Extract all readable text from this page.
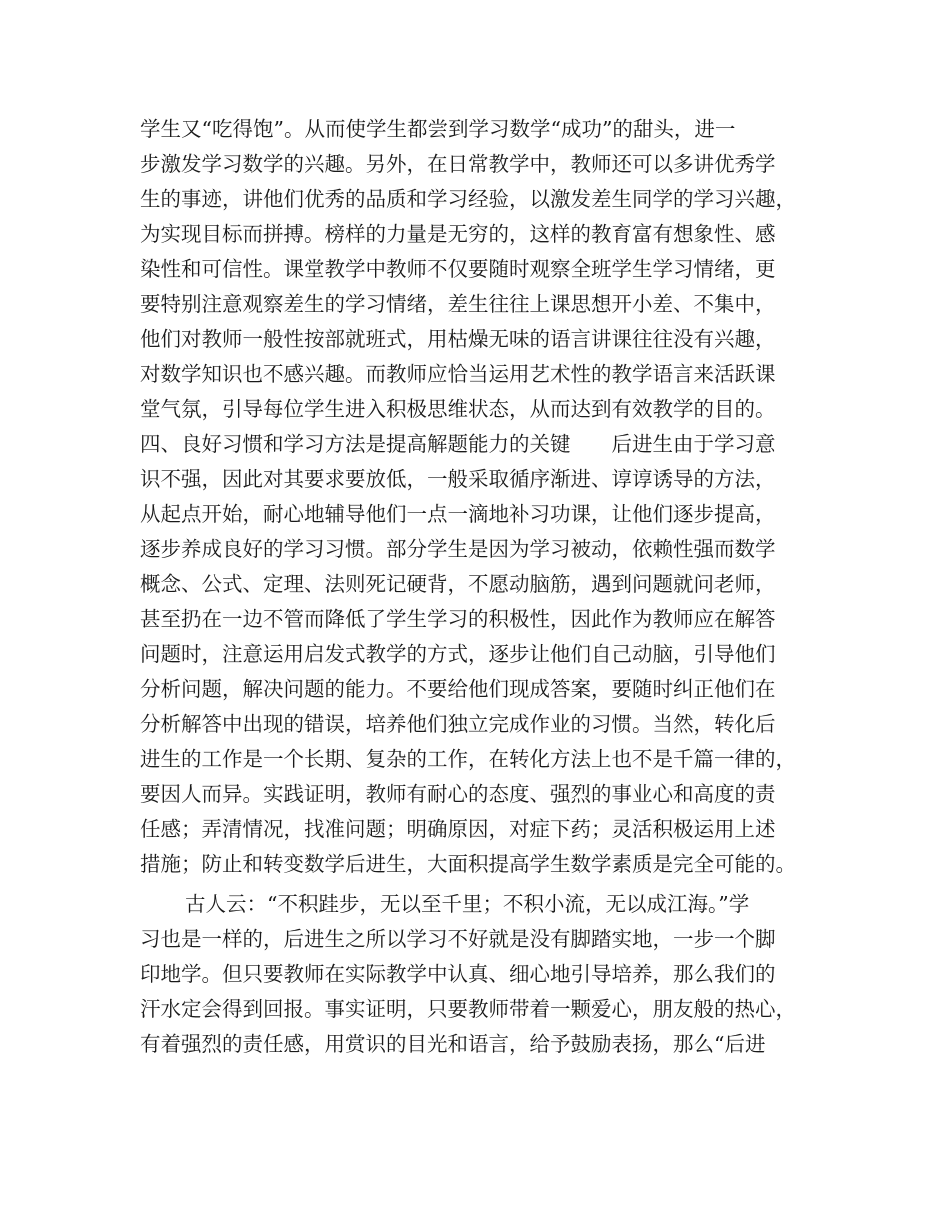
学生又“吃得饱”。从而使学生都尝到学习数学“成功”的甜头，进一
步激发学习数学的兴趣。另外，在日常教学中，教师还可以多讲优秀学
生的事迹，讲他们优秀的品质和学习经验，以激发差生同学的学习兴趣，
为实现目标而拼搏。榜样的力量是无穷的，这样的教育富有想象性、感
染性和可信性。课堂教学中教师不仅要随时观察全班学生学习情绪，更
要特别注意观察差生的学习情绪，差生往往上课思想开小差、不集中，
他们对教师一般性按部就班式，用枯燥无味的语言讲课往往没有兴趣，
对数学知识也不感兴趣。而教师应恰当运用艺术性的教学语言来活跃课
堂气氛，引导每位学生进入积极思维状态，从而达到有效教学的目的。
四、良好习惯和学习方法是提高解题能力的关键　　后进生由于学习意
识不强，因此对其要求要放低，一般采取循序渐进、谆谆诱导的方法，
从起点开始，耐心地辅导他们一点一滴地补习功课，让他们逐步提高，
逐步养成良好的学习习惯。部分学生是因为学习被动，依赖性强而数学
概念、公式、定理、法则死记硬背，不愿动脑筋，遇到问题就问老师，
甚至扔在一边不管而降低了学生学习的积极性，因此作为教师应在解答
问题时，注意运用启发式教学的方式，逐步让他们自己动脑，引导他们
分析问题，解决问题的能力。不要给他们现成答案，要随时纠正他们在
分析解答中出现的错误，培养他们独立完成作业的习惯。当然，转化后
进生的工作是一个长期、复杂的工作，在转化方法上也不是千篇一律的，
要因人而异。实践证明，教师有耐心的态度、强烈的事业心和高度的责
任感；弄清情况，找准问题；明确原因，对症下药；灵活积极运用上述
措施；防止和转变数学后进生，大面积提高学生数学素质是完全可能的。
古人云：“不积跬步，无以至千里；不积小流，无以成江海。”学
习也是一样的，后进生之所以学习不好就是没有脚踏实地，一步一个脚
印地学。但只要教师在实际教学中认真、细心地引导培养，那么我们的
汗水定会得到回报。事实证明，只要教师带着一颗爱心，朋友般的热心，
有着强烈的责任感，用赏识的目光和语言，给予鼓励表扬，那么“后进
